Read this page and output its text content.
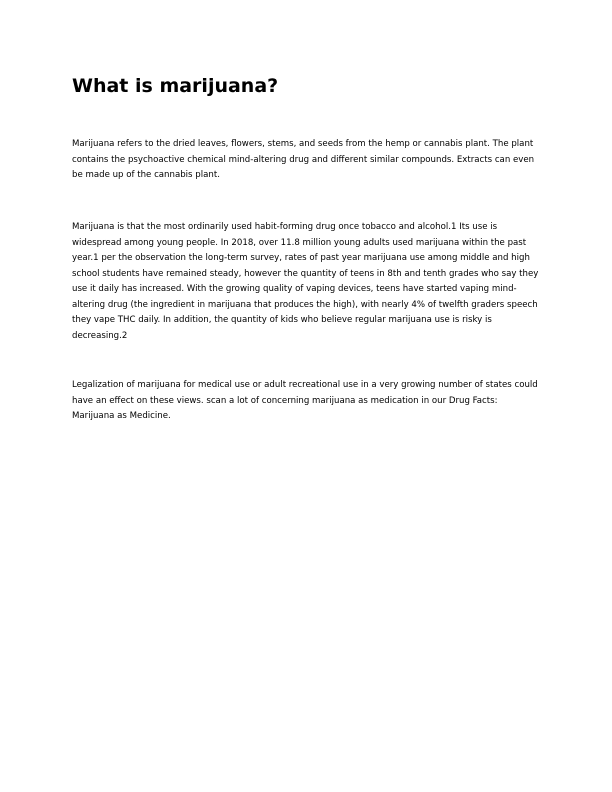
What is marijuana?

Marijuana refers to the dried leaves, flowers, stems, and seeds from the hemp or cannabis plant. The plant contains the psychoactive chemical mind-altering drug and different similar compounds. Extracts can even be made up of the cannabis plant.

Marijuana is that the most ordinarily used habit-forming drug once tobacco and alcohol.1 Its use is widespread among young people. In 2018, over 11.8 million young adults used marijuana within the past year.1 per the observation the long-term survey, rates of past year marijuana use among middle and high school students have remained steady, however the quantity of teens in 8th and tenth grades who say they use it daily has increased. With the growing quality of vaping devices, teens have started vaping mind-altering drug (the ingredient in marijuana that produces the high), with nearly 4% of twelfth graders speech they vape THC daily. In addition, the quantity of kids who believe regular marijuana use is risky is decreasing.2

Legalization of marijuana for medical use or adult recreational use in a very growing number of states could have an effect on these views. scan a lot of concerning marijuana as medication in our Drug Facts: Marijuana as Medicine.
